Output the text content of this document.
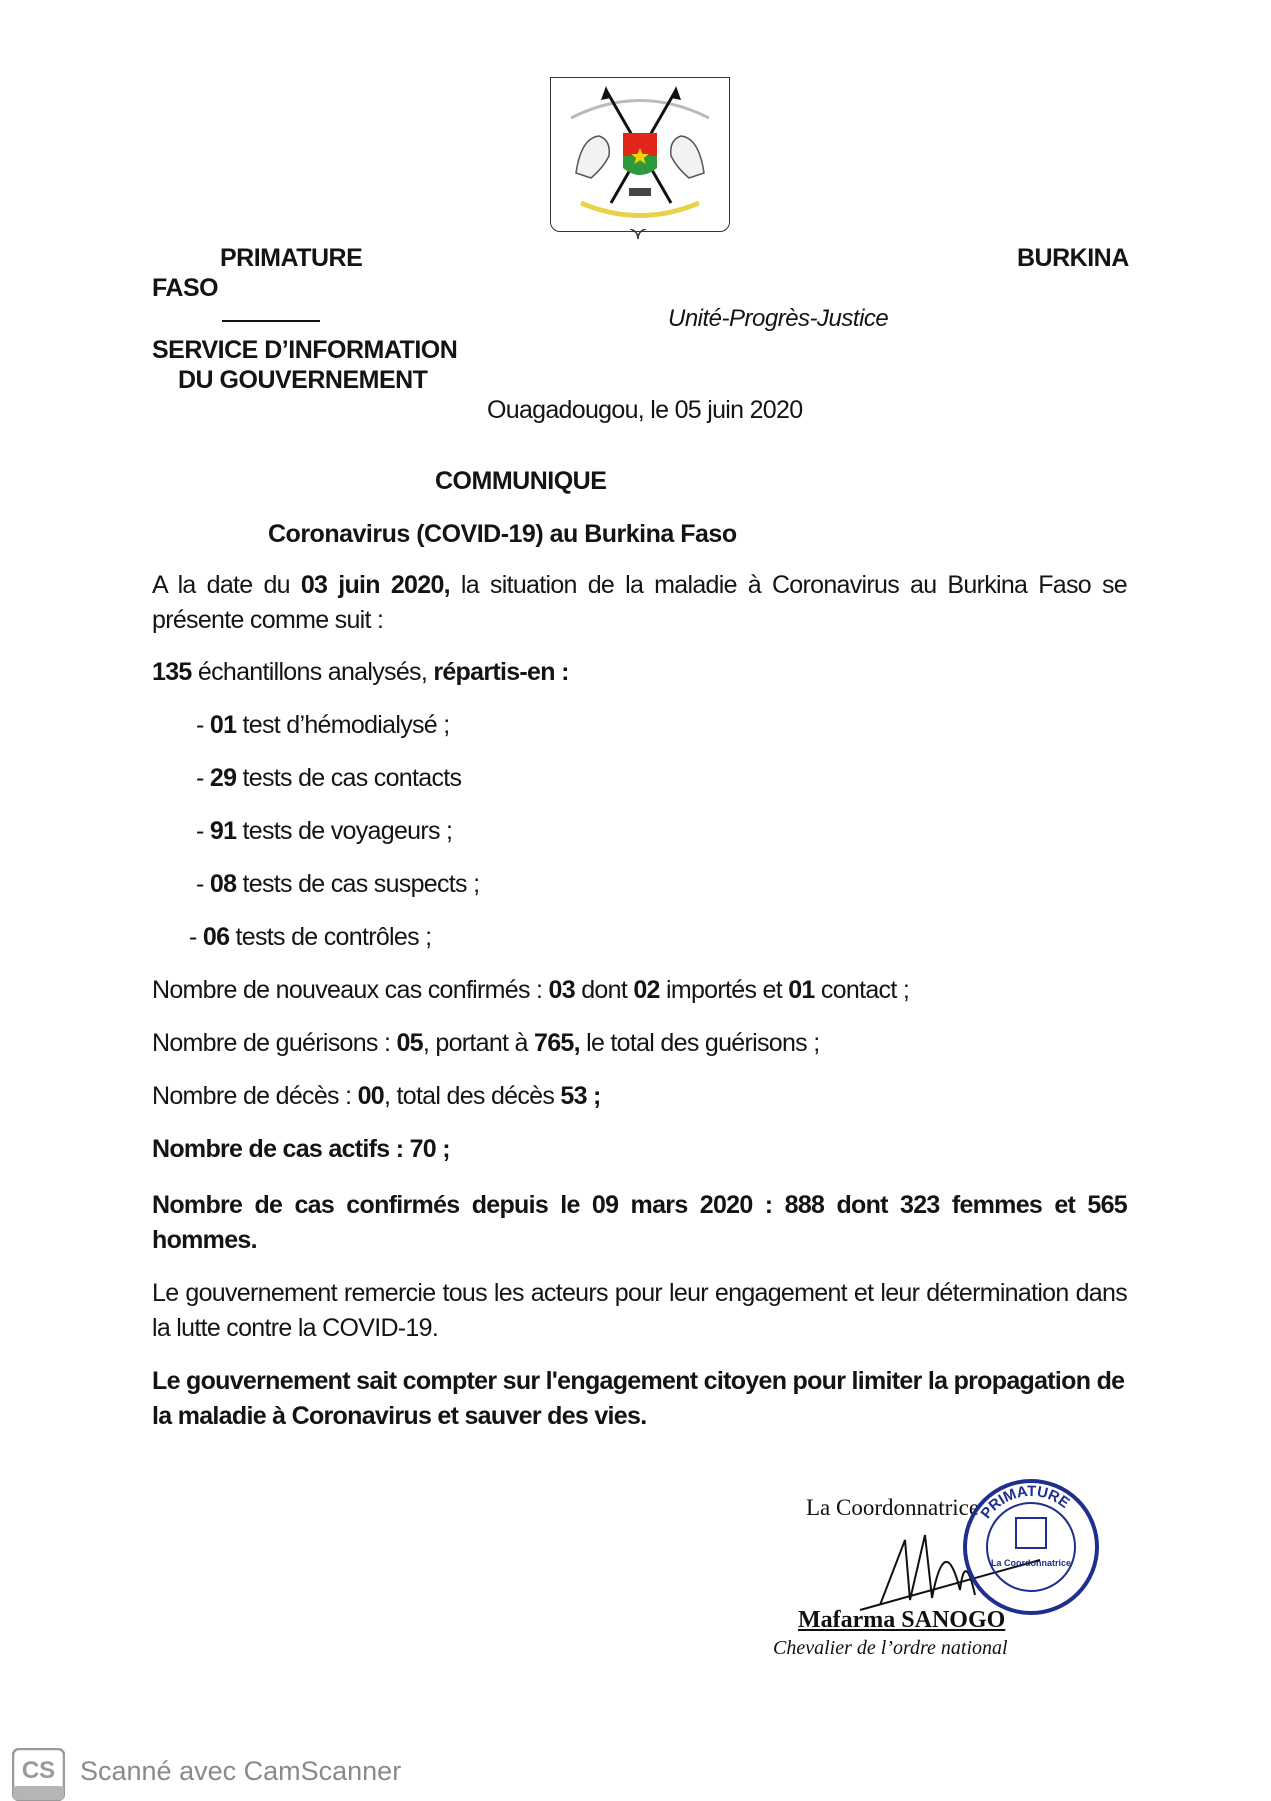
PRIMATURE	BURKINA
FASO
Unité-Progrès-Justice
SERVICE D’INFORMATION
DU GOUVERNEMENT
Ouagadougou, le 05 juin 2020
COMMUNIQUE
Coronavirus (COVID-19) au Burkina Faso
A la date du 03 juin 2020, la situation de la maladie à Coronavirus au Burkina Faso se présente comme suit :
135 échantillons analysés, répartis-en :
- 01 test d’hémodialysé ;
- 29 tests de cas contacts
- 91 tests de voyageurs ;
- 08 tests de cas suspects ;
- 06 tests de contrôles ;
Nombre de nouveaux cas confirmés : 03 dont 02 importés et 01 contact ;
Nombre de guérisons : 05, portant à 765, le total des guérisons ;
Nombre de décès : 00, total des décès 53 ;
Nombre de cas actifs : 70 ;
Nombre de cas confirmés depuis le 09 mars 2020 : 888 dont 323 femmes et 565 hommes.
Le gouvernement remercie tous les acteurs pour leur engagement et leur détermination dans la lutte contre la COVID-19.
Le gouvernement sait compter sur l'engagement citoyen pour limiter la propagation de la maladie à Coronavirus et sauver des vies.
La Coordonnatrice
PRIMATURE
La Coordonnatrice
Mafarma SANOGO
Chevalier de l’ordre national
CS Scanné avec CamScanner
